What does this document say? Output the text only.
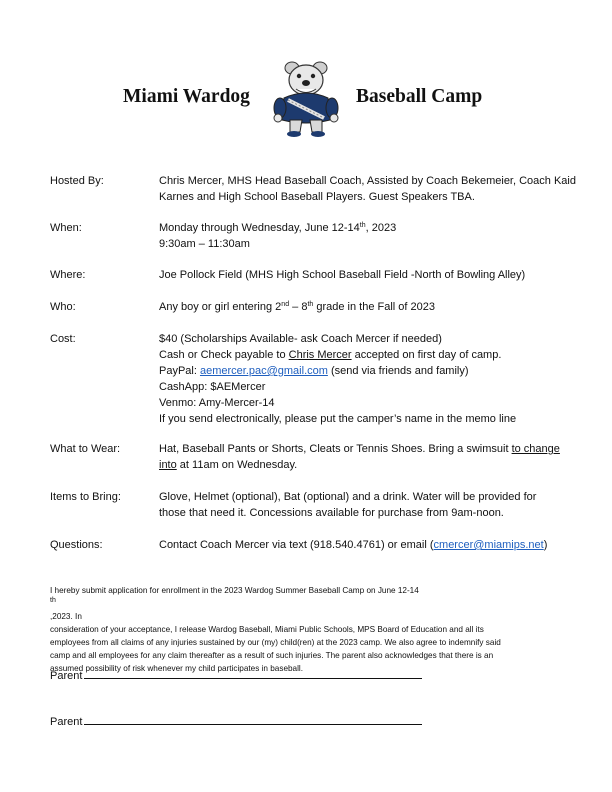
Miami Wardog	Baseball Camp
Hosted By:	Chris Mercer, MHS Head Baseball Coach, Assisted by Coach Bekemeier, Coach Kaid
Karnes and High School Baseball Players. Guest Speakers TBA.
When:	Monday through Wednesday, June 12-14th, 2023
9:30am – 11:30am
Where:	Joe Pollock Field (MHS High School Baseball Field -North of Bowling Alley)
Who:	Any boy or girl entering 2nd – 8th grade in the Fall of 2023
Cost:	$40 (Scholarships Available- ask Coach Mercer if needed)
Cash or Check payable to Chris Mercer accepted on first day of camp.
PayPal: aemercer.pac@gmail.com (send via friends and family)
CashApp: $AEMercer
Venmo: Amy-Mercer-14
If you send electronically, please put the camper’s name in the memo line
What to Wear:	Hat, Baseball Pants or Shorts, Cleats or Tennis Shoes. Bring a swimsuit to change
into at 11am on Wednesday.
Items to Bring:	Glove, Helmet (optional), Bat (optional) and a drink. Water will be provided for
those that need it. Concessions available for purchase from 9am-noon.
Questions:	Contact Coach Mercer via text (918.540.4761) or email (cmercer@miamips.net)
I hereby submit application for enrollment in the 2023 Wardog Summer Baseball Camp on June 12-14
$^{th}$
,2023. In
consideration of your acceptance, I release Wardog Baseball, Miami Public Schools, MPS Board of Education and all its
employees from all claims of any injuries sustained by our (my) child(ren) at the 2023 camp. We also agree to indemnify said
camp and all employees for any claim thereafter as a result of such injuries. The parent also acknowledges that there is an
assumed possibility of risk whenever my child participates in baseball.
Parent
Parent
